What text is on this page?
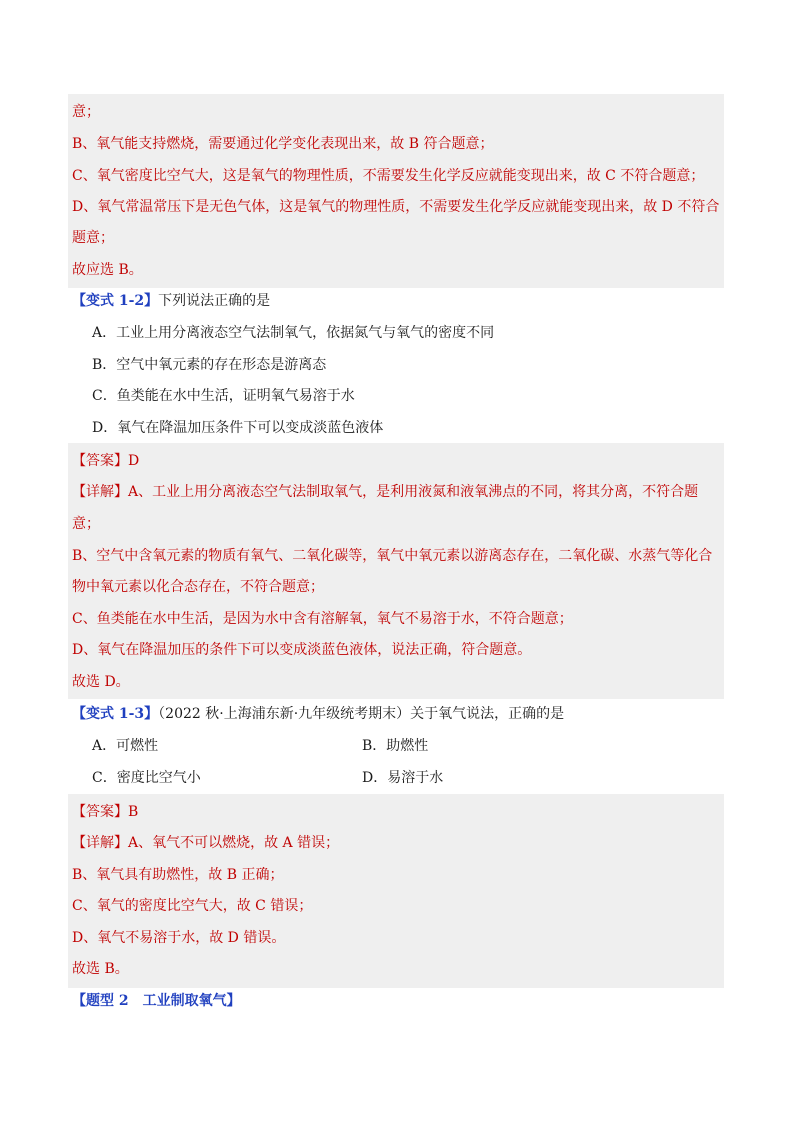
意；
B、氧气能支持燃烧，需要通过化学变化表现出来，故 B 符合题意；
C、氧气密度比空气大，这是氧气的物理性质，不需要发生化学反应就能变现出来，故 C 不符合题意；
D、氧气常温常压下是无色气体，这是氧气的物理性质，不需要发生化学反应就能变现出来，故 D 不符合
题意；
故应选 B。
【变式 1-2】下列说法正确的是
A．工业上用分离液态空气法制氧气，依据氮气与氧气的密度不同
B．空气中氧元素的存在形态是游离态
C．鱼类能在水中生活，证明氧气易溶于水
D．氧气在降温加压条件下可以变成淡蓝色液体
【答案】D
【详解】A、工业上用分离液态空气法制取氧气，是利用液氮和液氧沸点的不同，将其分离，不符合题
意；
B、空气中含氧元素的物质有氧气、二氧化碳等，氧气中氧元素以游离态存在，二氧化碳、水蒸气等化合
物中氧元素以化合态存在，不符合题意；
C、鱼类能在水中生活，是因为水中含有溶解氧，氧气不易溶于水，不符合题意；
D、氧气在降温加压的条件下可以变成淡蓝色液体，说法正确，符合题意。
故选 D。
【变式 1-3】（2022 秋·上海浦东新·九年级统考期末）关于氧气说法，正确的是
A．可燃性	B．助燃性
C．密度比空气小	D．易溶于水
【答案】B
【详解】A、氧气不可以燃烧，故 A 错误；
B、氧气具有助燃性，故 B 正确；
C、氧气的密度比空气大，故 C 错误；
D、氧气不易溶于水，故 D 错误。
故选 B。
【题型 2　工业制取氧气】
